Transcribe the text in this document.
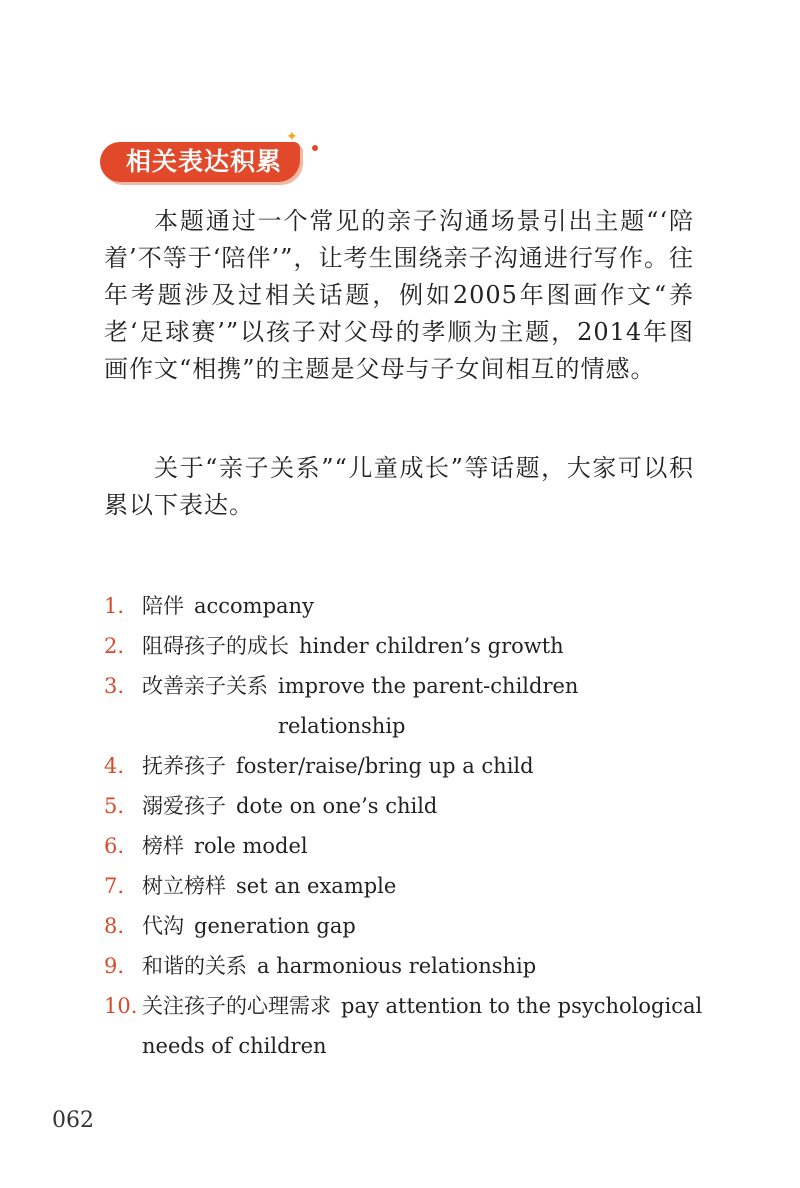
相关表达积累
✦

本题通过一个常见的亲子沟通场景引出主题“‘陪着’不等于‘陪伴’”，让考生围绕亲子沟通进行写作。往年考题涉及过相关话题，例如2005年图画作文“养老‘足球赛’”以孩子对父母的孝顺为主题，2014年图画作文“相携”的主题是父母与子女间相互的情感。

关于“亲子关系”“儿童成长”等话题，大家可以积累以下表达。

1. 陪伴 accompany
2. 阻碍孩子的成长 hinder children’s growth
3. 改善亲子关系 improve the parent-children relationship
4. 抚养孩子 foster/raise/bring up a child
5. 溺爱孩子 dote on one’s child
6. 榜样 role model
7. 树立榜样 set an example
8. 代沟 generation gap
9. 和谐的关系 a harmonious relationship
10. 关注孩子的心理需求 pay attention to the psychological
needs of children
062
